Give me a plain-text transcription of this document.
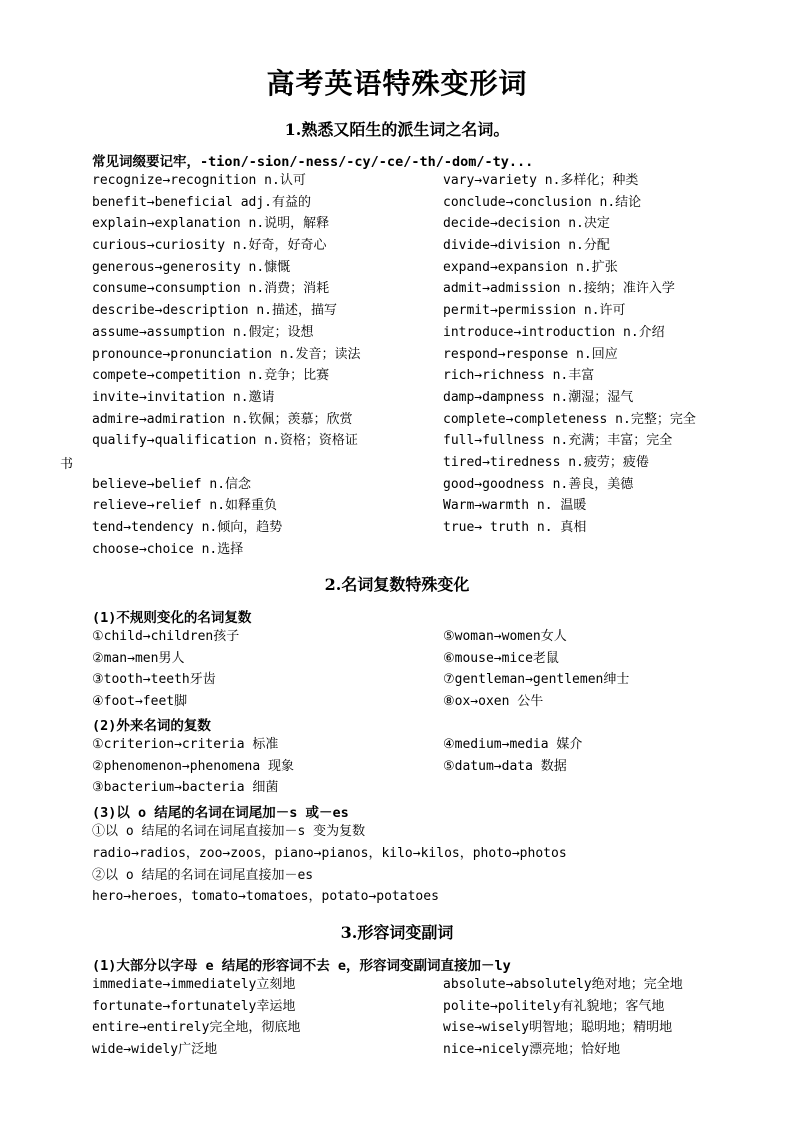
高考英语特殊变形词
1.熟悉又陌生的派生词之名词。
常见词缀要记牢，-tion/-sion/-ness/-cy/-ce/-th/-dom/-ty...
recognize→recognition n.认可
benefit→beneficial adj.有益的
explain→explanation n.说明，解释
curious→curiosity n.好奇，好奇心
generous→generosity n.慷慨
consume→consumption n.消费；消耗
describe→description n.描述，描写
assume→assumption n.假定；设想
pronounce→pronunciation n.发音；读法
compete→competition n.竞争；比赛
invite→invitation n.邀请
admire→admiration n.钦佩；羡慕；欣赏
qualify→qualification n.资格；资格证
believe→belief n.信念
relieve→relief n.如释重负
tend→tendency n.倾向，趋势
choose→choice n.选择
书
vary→variety n.多样化；种类
conclude→conclusion n.结论
decide→decision n.决定
divide→division n.分配
expand→expansion n.扩张
admit→admission n.接纳；准许入学
permit→permission n.许可
introduce→introduction n.介绍
respond→response n.回应
rich→richness n.丰富
damp→dampness n.潮湿；湿气
complete→completeness n.完整；完全
full→fullness n.充满；丰富；完全
tired→tiredness n.疲劳；疲倦
good→goodness n.善良，美德
Warm→warmth n. 温暖
true→ truth n. 真相
2.名词复数特殊变化
(1)不规则变化的名词复数
①child→children孩子
②man→men男人
③tooth→teeth牙齿
④foot→feet脚
⑤woman→women女人
⑥mouse→mice老鼠
⑦gentleman→gentlemen绅士
⑧ox→oxen 公牛
(2)外来名词的复数
①criterion→criteria 标准
②phenomenon→phenomena 现象
③bacterium→bacteria 细菌
④medium→media 媒介
⑤datum→data 数据
(3)以 o 结尾的名词在词尾加－s 或－es
①以 o 结尾的名词在词尾直接加－s 变为复数
radio→radios，zoo→zoos，piano→pianos，kilo→kilos，photo→photos
②以 o 结尾的名词在词尾直接加－es
hero→heroes，tomato→tomatoes，potato→potatoes
3.形容词变副词
(1)大部分以字母 e 结尾的形容词不去 e，形容词变副词直接加－ly
immediate→immediately立刻地
fortunate→fortunately幸运地
entire→entirely完全地，彻底地
wide→widely广泛地
absolute→absolutely绝对地；完全地
polite→politely有礼貌地；客气地
wise→wisely明智地；聪明地；精明地
nice→nicely漂亮地；恰好地
